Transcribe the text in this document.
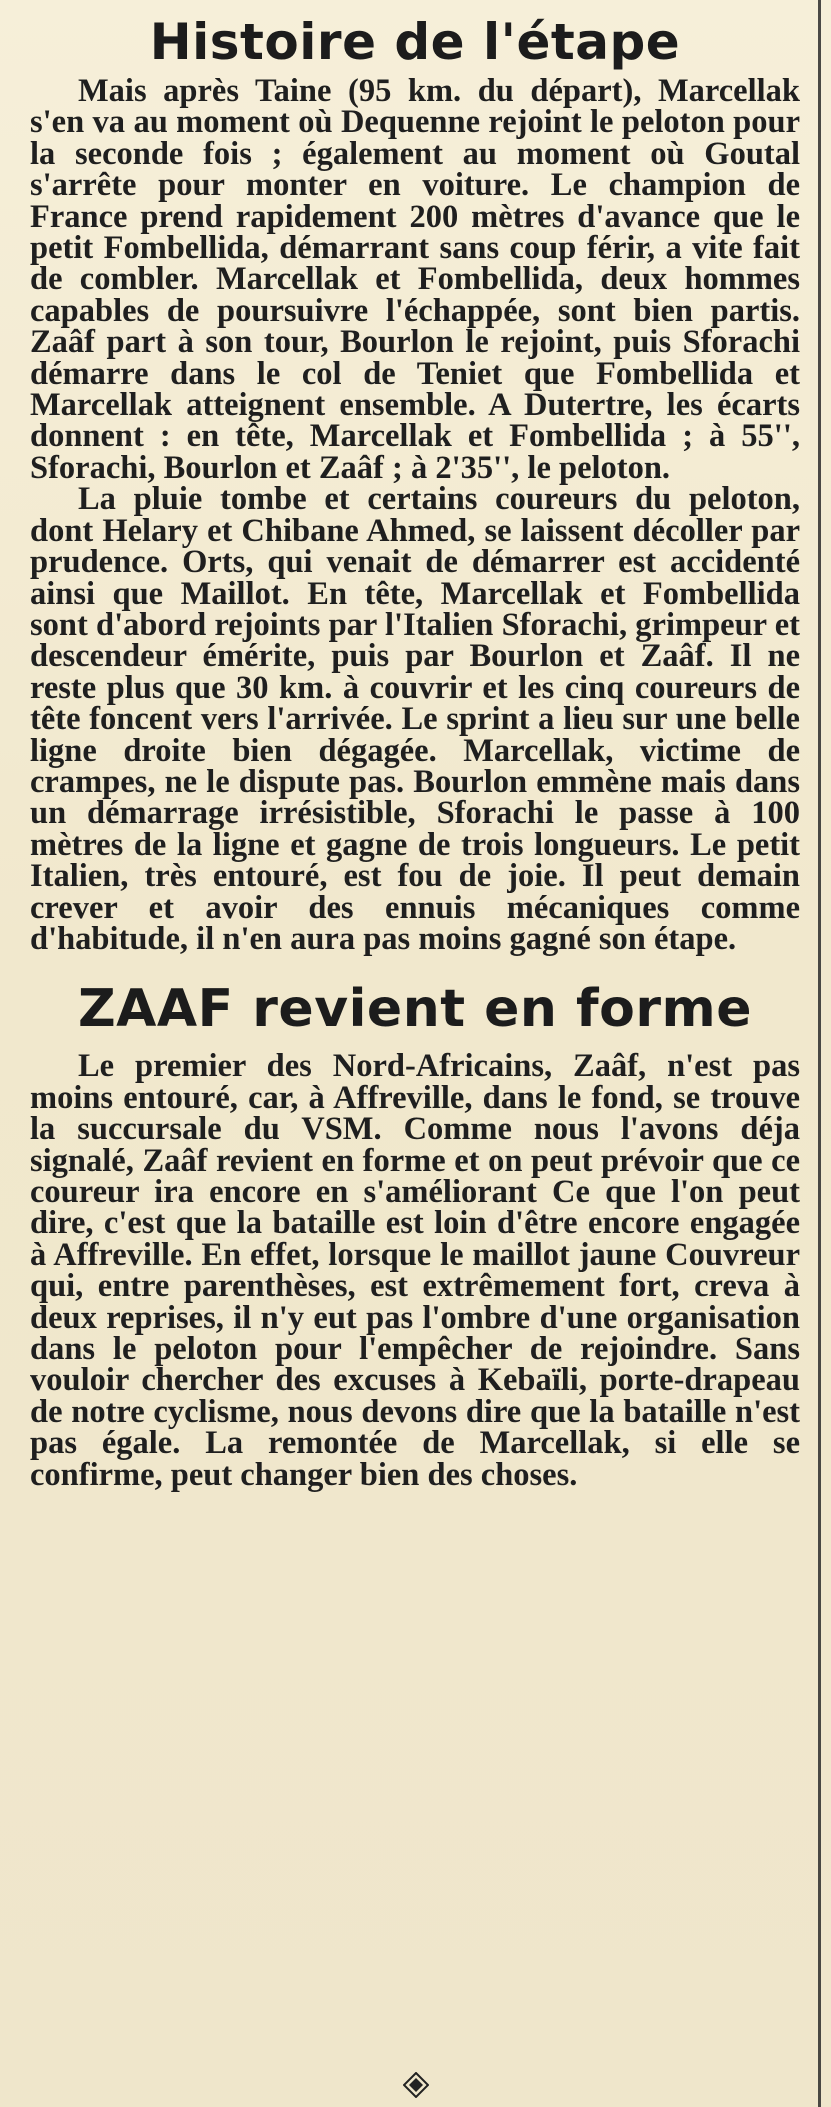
Histoire de l'étape

Mais après Taine (95 km. du départ), Marcellak s'en va au moment où Dequenne rejoint le peloton pour la seconde fois ; également au moment où Goutal s'arrête pour monter en voiture. Le champion de France prend rapidement 200 mètres d'avance que le petit Fombellida, démarrant sans coup férir, a vite fait de combler. Marcellak et Fombellida, deux hommes capables de poursuivre l'échappée, sont bien partis. Zaâf part à son tour, Bourlon le rejoint, puis Sforachi démarre dans le col de Teniet que Fombellida et Marcellak atteignent ensemble. A Dutertre, les écarts donnent : en tête, Marcellak et Fombellida ; à 55'', Sforachi, Bourlon et Zaâf ; à 2'35'', le peloton.

La pluie tombe et certains coureurs du peloton, dont Helary et Chibane Ahmed, se laissent décoller par prudence. Orts, qui venait de démarrer est accidenté ainsi que Maillot. En tête, Marcellak et Fombellida sont d'abord rejoints par l'Italien Sforachi, grimpeur et descendeur émérite, puis par Bourlon et Zaâf. Il ne reste plus que 30 km. à couvrir et les cinq coureurs de tête foncent vers l'arrivée. Le sprint a lieu sur une belle ligne droite bien dégagée. Marcellak, victime de crampes, ne le dispute pas. Bourlon emmène mais dans un démarrage irrésistible, Sforachi le passe à 100 mètres de la ligne et gagne de trois longueurs. Le petit Italien, très entouré, est fou de joie. Il peut demain crever et avoir des ennuis mécaniques comme d'habitude, il n'en aura pas moins gagné son étape.

ZAAF revient en forme

Le premier des Nord-Africains, Zaâf, n'est pas moins entouré, car, à Affreville, dans le fond, se trouve la succursale du VSM. Comme nous l'avons déja signalé, Zaâf revient en forme et on peut prévoir que ce coureur ira encore en s'améliorant Ce que l'on peut dire, c'est que la bataille est loin d'être encore engagée à Affreville. En effet, lorsque le maillot jaune Couvreur qui, entre parenthèses, est extrêmement fort, creva à deux reprises, il n'y eut pas l'ombre d'une organisation dans le peloton pour l'empêcher de rejoindre. Sans vouloir chercher des excuses à Kebaïli, porte-drapeau de notre cyclisme, nous devons dire que la bataille n'est pas égale. La remontée de Marcellak, si elle se confirme, peut changer bien des choses.
